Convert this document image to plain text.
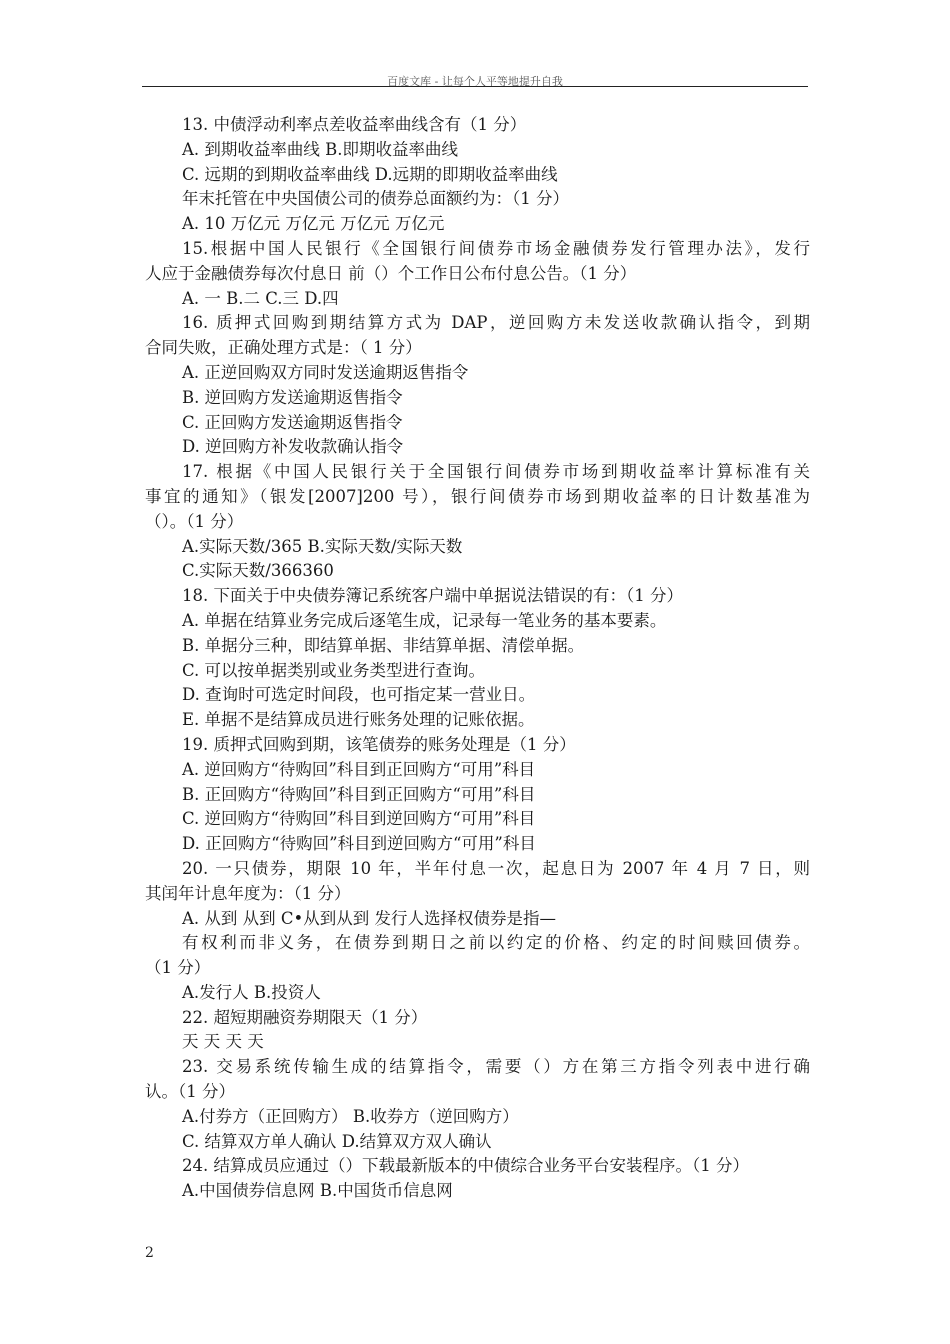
百度文库 - 让每个人平等地提升自我
13. 中债浮动利率点差收益率曲线含有（1 分）
A. 到期收益率曲线 B.即期收益率曲线
C. 远期的到期收益率曲线 D.远期的即期收益率曲线
年末托管在中央国债公司的债券总面额约为：（1 分）
A. 10 万亿元 万亿元 万亿元 万亿元
15.根据中国人民银行《全国银行间债券市场金融债券发行管理办法》，发行
人应于金融债券每次付息日 前（）个工作日公布付息公告。（1 分）
A. 一 B.二 C.三 D.四
16. 质押式回购到期结算方式为 DAP，逆回购方未发送收款确认指令，到期
合同失败，正确处理方式是：（ 1 分）
A. 正逆回购双方同时发送逾期返售指令
B. 逆回购方发送逾期返售指令
C. 正回购方发送逾期返售指令
D. 逆回购方补发收款确认指令
17. 根据《中国人民银行关于全国银行间债券市场到期收益率计算标准有关
事宜的通知》（银发[2007]200 号），银行间债券市场到期收益率的日计数基准为
（）。（1 分）
A.实际天数/365 B.实际天数/实际天数
C.实际天数/366360
18. 下面关于中央债券簿记系统客户端中单据说法错误的有：（1 分）
A. 单据在结算业务完成后逐笔生成，记录每一笔业务的基本要素。
B. 单据分三种，即结算单据、非结算单据、清偿单据。
C. 可以按单据类别或业务类型进行查询。
D. 查询时可选定时间段，也可指定某一营业日。
E. 单据不是结算成员进行账务处理的记账依据。
19. 质押式回购到期，该笔债券的账务处理是（1 分）
A. 逆回购方“待购回”科目到正回购方“可用”科目
B. 正回购方“待购回”科目到正回购方“可用”科目
C. 逆回购方“待购回”科目到逆回购方“可用”科目
D. 正回购方“待购回”科目到逆回购方“可用”科目
20. 一只债券，期限 10 年，半年付息一次，起息日为 2007 年 4 月 7 日，则
其闰年计息年度为：（1 分）
A. 从到 从到 C•从到从到 发行人选择权债券是指—
有权利而非义务，在债券到期日之前以约定的价格、约定的时间赎回债券。
（1 分）
A.发行人 B.投资人
22. 超短期融资券期限天（1 分）
天 天 天 天
23. 交易系统传输生成的结算指令，需要（）方在第三方指令列表中进行确
认。（1 分）
A.付券方（正回购方） B.收券方（逆回购方）
C. 结算双方单人确认 D.结算双方双人确认
24. 结算成员应通过（）下载最新版本的中债综合业务平台安装程序。（1 分）
A.中国债券信息网 B.中国货币信息网
2
